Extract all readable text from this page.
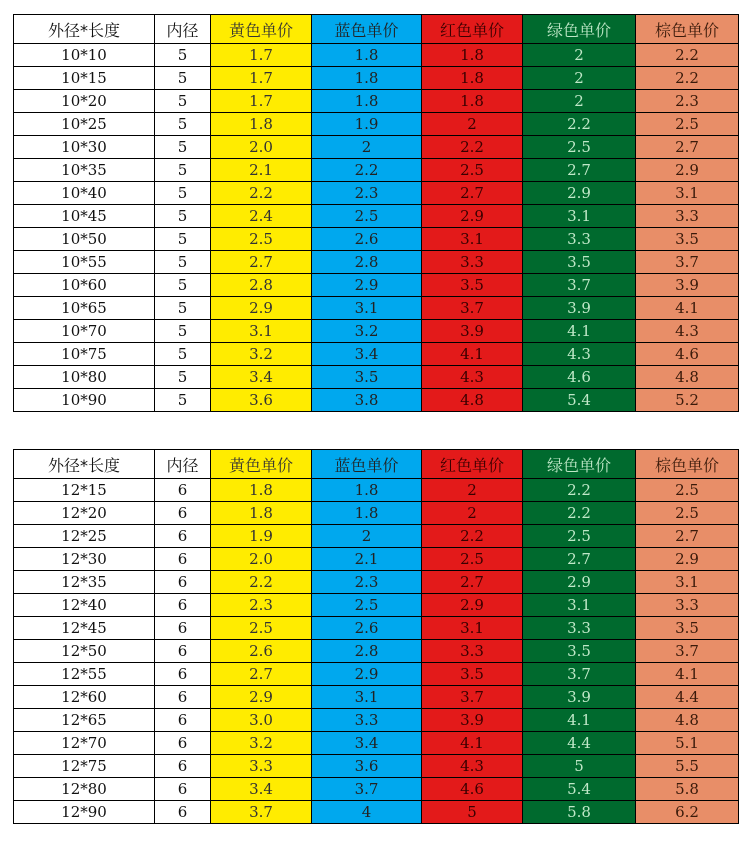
外径*长度	内径	黄色单价	蓝色单价	红色单价	绿色单价	棕色单价
10*10	5	1.7	1.8	1.8	2	2.2
10*15	5	1.7	1.8	1.8	2	2.2
10*20	5	1.7	1.8	1.8	2	2.3
10*25	5	1.8	1.9	2	2.2	2.5
10*30	5	2.0	2	2.2	2.5	2.7
10*35	5	2.1	2.2	2.5	2.7	2.9
10*40	5	2.2	2.3	2.7	2.9	3.1
10*45	5	2.4	2.5	2.9	3.1	3.3
10*50	5	2.5	2.6	3.1	3.3	3.5
10*55	5	2.7	2.8	3.3	3.5	3.7
10*60	5	2.8	2.9	3.5	3.7	3.9
10*65	5	2.9	3.1	3.7	3.9	4.1
10*70	5	3.1	3.2	3.9	4.1	4.3
10*75	5	3.2	3.4	4.1	4.3	4.6
10*80	5	3.4	3.5	4.3	4.6	4.8
10*90	5	3.6	3.8	4.8	5.4	5.2
外径*长度	内径	黄色单价	蓝色单价	红色单价	绿色单价	棕色单价
12*15	6	1.8	1.8	2	2.2	2.5
12*20	6	1.8	1.8	2	2.2	2.5
12*25	6	1.9	2	2.2	2.5	2.7
12*30	6	2.0	2.1	2.5	2.7	2.9
12*35	6	2.2	2.3	2.7	2.9	3.1
12*40	6	2.3	2.5	2.9	3.1	3.3
12*45	6	2.5	2.6	3.1	3.3	3.5
12*50	6	2.6	2.8	3.3	3.5	3.7
12*55	6	2.7	2.9	3.5	3.7	4.1
12*60	6	2.9	3.1	3.7	3.9	4.4
12*65	6	3.0	3.3	3.9	4.1	4.8
12*70	6	3.2	3.4	4.1	4.4	5.1
12*75	6	3.3	3.6	4.3	5	5.5
12*80	6	3.4	3.7	4.6	5.4	5.8
12*90	6	3.7	4	5	5.8	6.2
